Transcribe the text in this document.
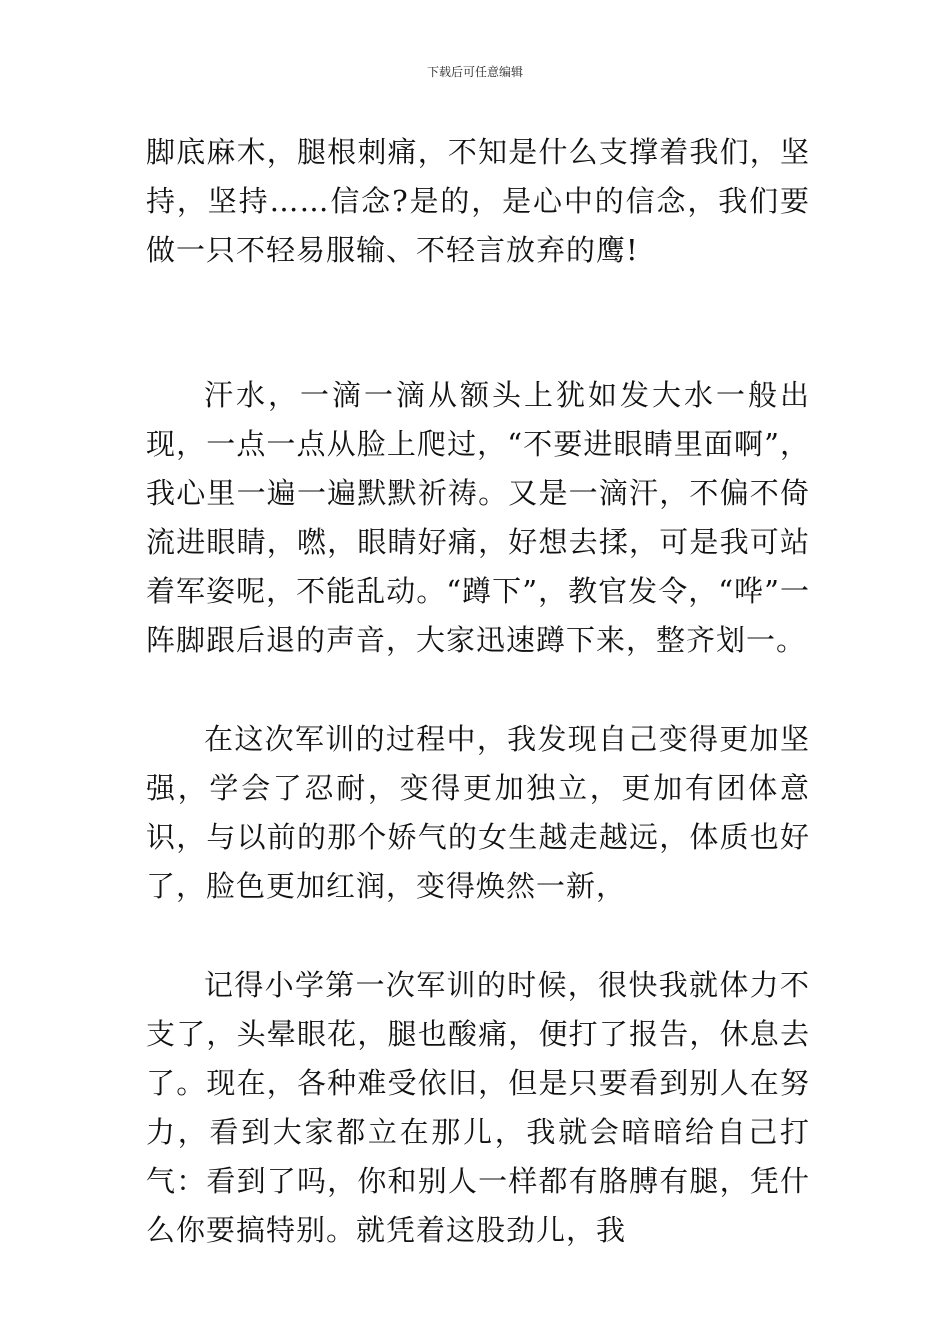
下载后可任意编辑

脚底麻木，腿根刺痛，不知是什么支撑着我们，坚持，坚持……信念?是的，是心中的信念，我们要做一只不轻易服输、不轻言放弃的鹰!

汗水，一滴一滴从额头上犹如发大水一般出现，一点一点从脸上爬过，“不要进眼睛里面啊”，我心里一遍一遍默默祈祷。又是一滴汗，不偏不倚流进眼睛，嘫，眼睛好痛，好想去揉，可是我可站着军姿呢，不能乱动。“蹲下”，教官发令，“哗”一阵脚跟后退的声音，大家迅速蹲下来，整齐划一。

在这次军训的过程中，我发现自己变得更加坚强，学会了忍耐，变得更加独立，更加有团体意识，与以前的那个娇气的女生越走越远，体质也好了，脸色更加红润，变得焕然一新，

记得小学第一次军训的时候，很快我就体力不支了，头晕眼花，腿也酸痛，便打了报告，休息去了。现在，各种难受依旧，但是只要看到别人在努力，看到大家都立在那儿，我就会暗暗给自己打气：看到了吗，你和别人一样都有胳膊有腿，凭什么你要搞特别。就凭着这股劲儿，我
